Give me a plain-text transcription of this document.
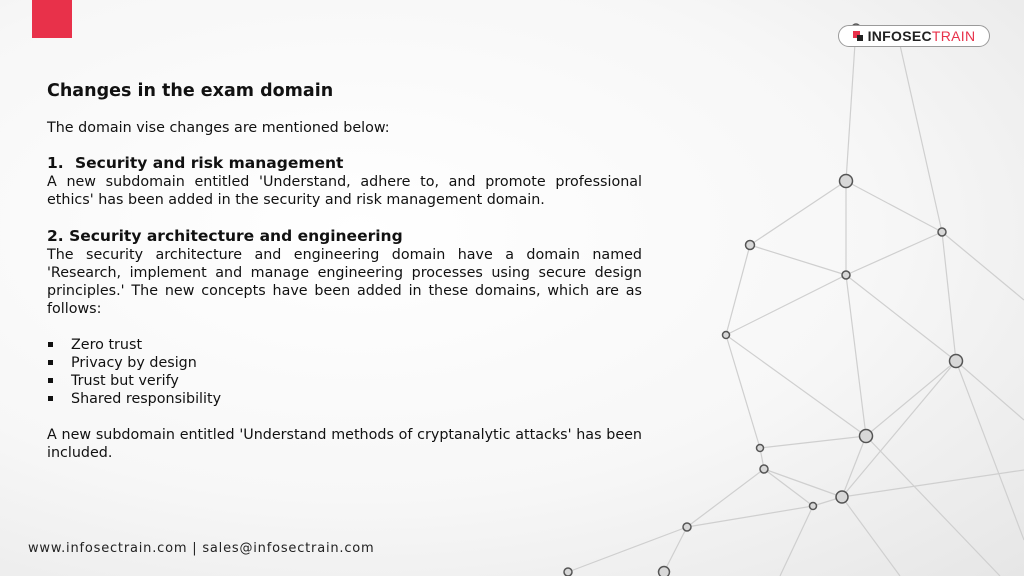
INFOSECTRAIN
Changes in the exam domain

The domain vise changes are mentioned below:

1. Security and risk management

A new subdomain entitled 'Understand, adhere to, and promote professional ethics' has been added in the security and risk management domain.

2. Security architecture and engineering

The security architecture and engineering domain have a domain named 'Research, implement and manage engineering processes using secure design principles.' The new concepts have been added in these domains, which are as follows:

Zero trust
Privacy by design
Trust but verify
Shared responsibility

A new subdomain entitled 'Understand methods of cryptanalytic attacks' has been included.

www.infosectrain.com | sales@infosectrain.com
